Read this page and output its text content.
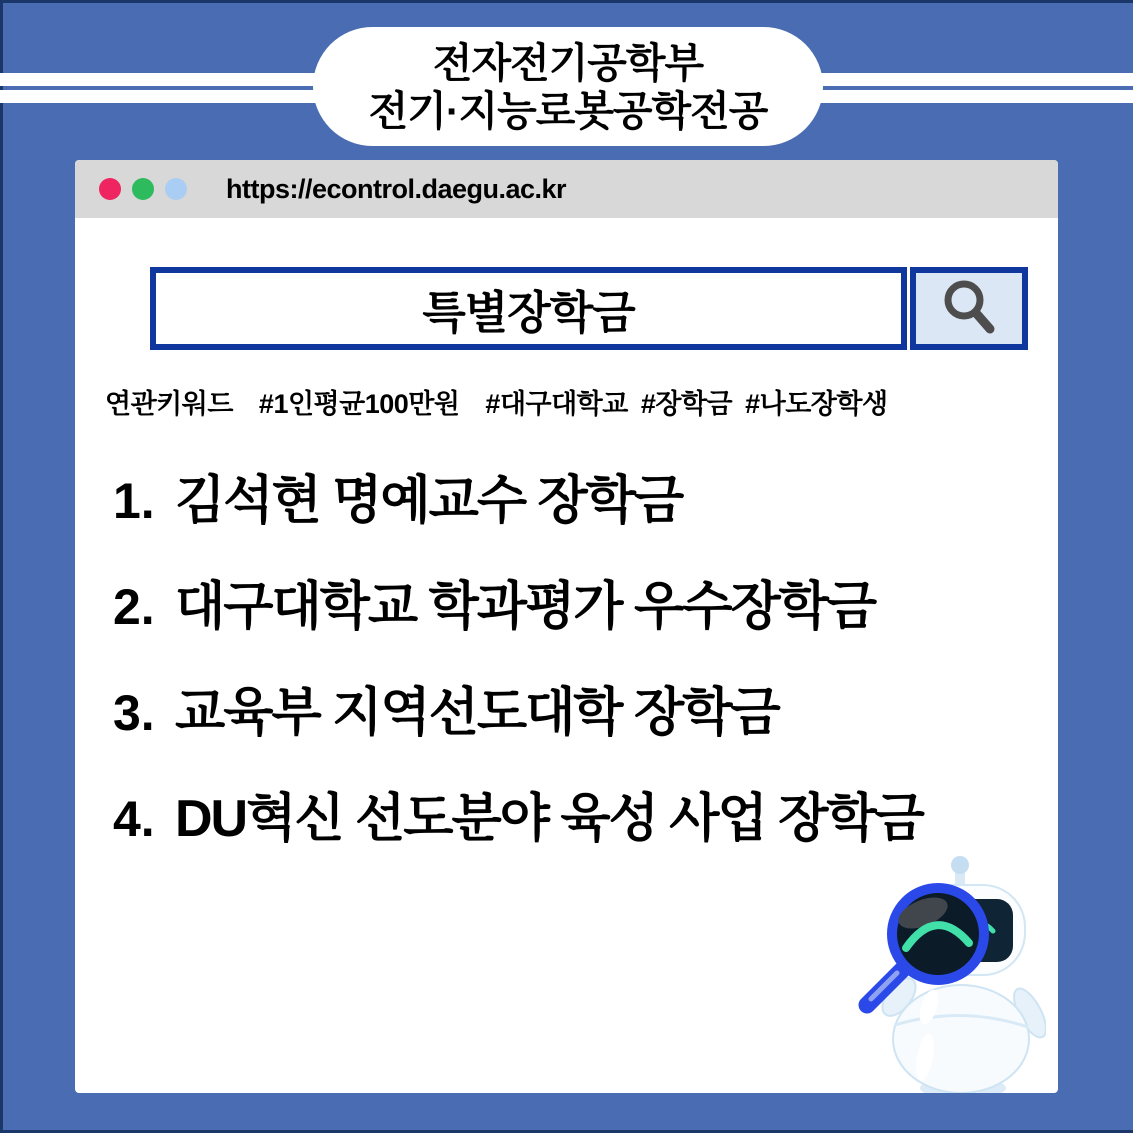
전자전기공학부
전기·지능로봇공학전공
https://econtrol.daegu.ac.kr
특별장학금
연관키워드 #1인평균100만원 #대구대학교 #장학금 #나도장학생
1. 김석현 명예교수 장학금
2. 대구대학교 학과평가 우수장학금
3. 교육부 지역선도대학 장학금
4. DU혁신 선도분야 육성 사업 장학금
